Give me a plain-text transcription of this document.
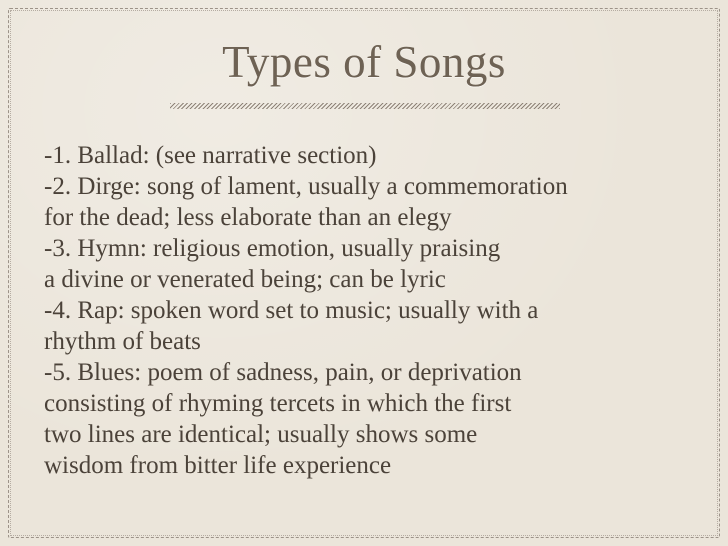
Types of Songs
-1. Ballad: (see narrative section)
-2. Dirge: song of lament, usually a commemoration
for the dead; less elaborate than an elegy
-3. Hymn: religious emotion, usually praising
a divine or venerated being; can be lyric
-4. Rap: spoken word set to music; usually with a
rhythm of beats
-5. Blues: poem of sadness, pain, or deprivation
consisting of rhyming tercets in which the first
two lines are identical; usually shows some
wisdom from bitter life experience
